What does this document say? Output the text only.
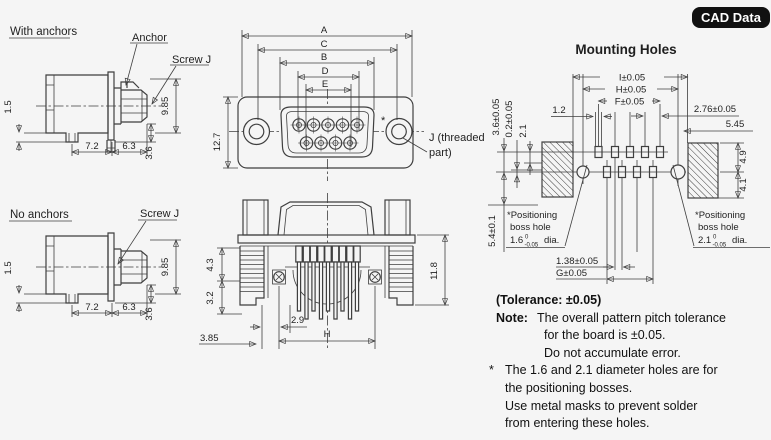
With anchors	Anchor
Screw J
1.5
7.2	6.3 3.6
9.85
No anchors	Screw J
1.5
7.2	6.3 3.6
9.85
A
C
B
D
E
12.7
*
J (threaded
part)
4.3
3.2
11.8
3.85
2.9
H
Mounting Holes
I±0.05
H±0.05
F±0.05
1.2	2.76±0.05
5.45
3.6±0.05 0.2±0.05 2.1
5.4±0.1
4.9
4.1
1.38±0.05
G±0.05
*Positioning
boss hole
1.6 0
-0.05 dia.
*Positioning
boss hole
2.1 0
-0.05 dia.
CAD Data
(Tolerance: ±0.05)
Note: The overall pattern pitch tolerance
for the board is ±0.05.
Do not accumulate error.
* The 1.6 and 2.1 diameter holes are for
the positioning bosses.
Use metal masks to prevent solder
from entering these holes.
